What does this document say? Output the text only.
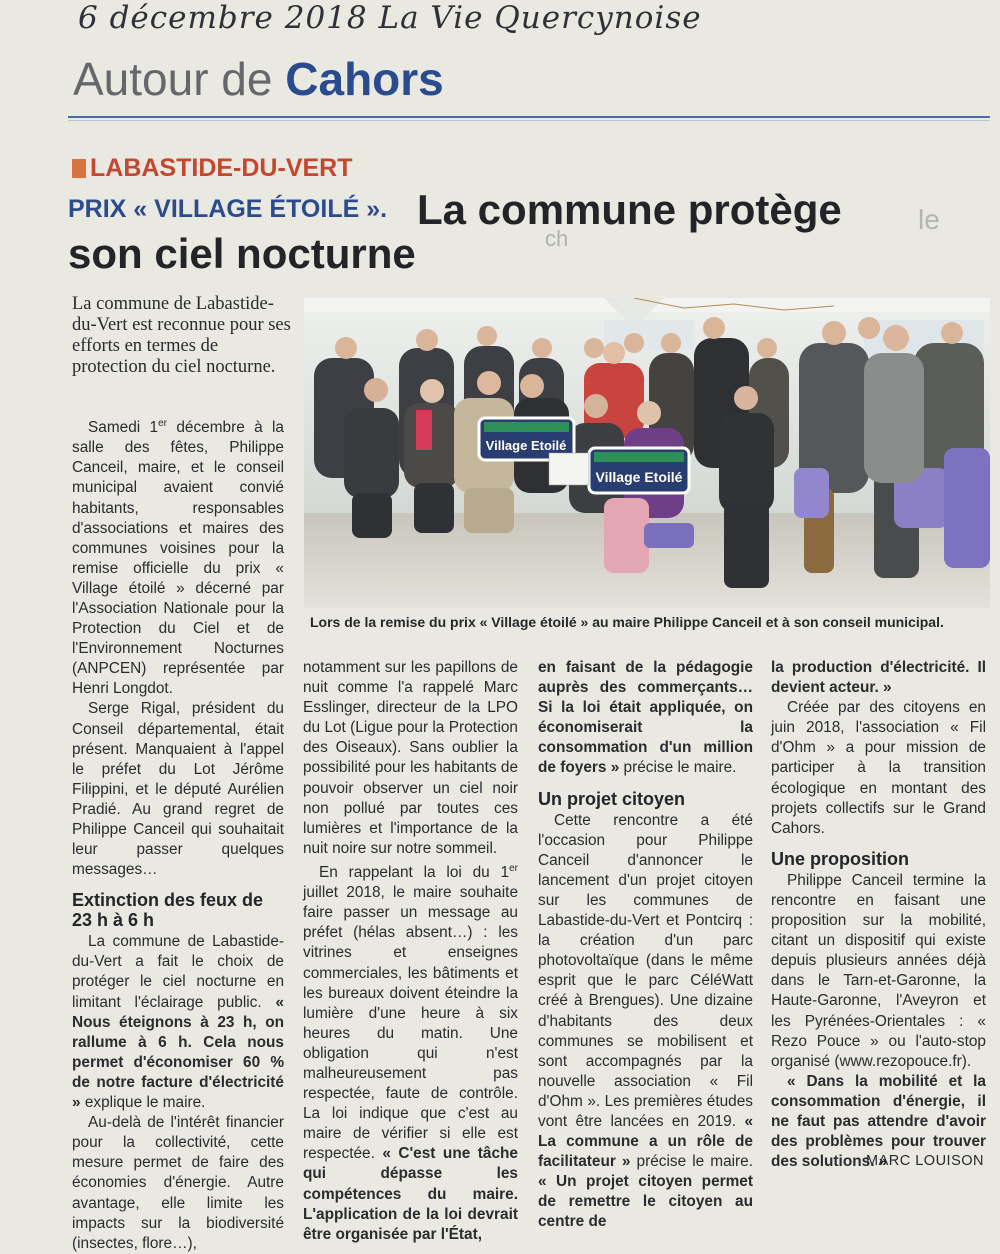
6 décembre 2018 La Vie Quercynoise
ch
le
Autour de Cahors
LABASTIDE-DU-VERT
PRIX « VILLAGE ÉTOILÉ ». La commune protège
son ciel nocturne
La commune de Labastide-du-Vert est reconnue pour ses efforts en termes de protection du ciel nocturne.
Village Etoilé
Village Etoilé
Lors de la remise du prix « Village étoilé » au maire Philippe Canceil et à son conseil municipal.

Samedi 1er décembre à la salle des fêtes, Philippe Canceil, maire, et le conseil municipal avaient convié habitants, responsables d'associations et maires des communes voisines pour la remise officielle du prix « Village étoilé » décerné par l'Association Nationale pour la Protection du Ciel et de l'Environnement Nocturnes (ANPCEN) représentée par Henri Longdot.

Serge Rigal, président du Conseil départemental, était présent. Manquaient à l'appel le préfet du Lot Jérôme Filippini, et le député Aurélien Pradié. Au grand regret de Philippe Canceil qui souhaitait leur passer quelques messages…

Extinction des feux de 23 h à 6 h

La commune de Labastide-du-Vert a fait le choix de protéger le ciel nocturne en limitant l'éclairage public. « Nous éteignons à 23 h, on rallume à 6 h. Cela nous permet d'économiser 60 % de notre facture d'électricité » explique le maire.

Au-delà de l'intérêt financier pour la collectivité, cette mesure permet de faire des économies d'énergie. Autre avantage, elle limite les impacts sur la biodiversité (insectes, flore…),

notamment sur les papillons de nuit comme l'a rappelé Marc Esslinger, directeur de la LPO du Lot (Ligue pour la Protection des Oiseaux). Sans oublier la possibilité pour les habitants de pouvoir observer un ciel noir non pollué par toutes ces lumières et l'importance de la nuit noire sur notre sommeil.

En rappelant la loi du 1er juillet 2018, le maire souhaite faire passer un message au préfet (hélas absent…) : les vitrines et enseignes commerciales, les bâtiments et les bureaux doivent éteindre la lumière d'une heure à six heures du matin. Une obligation qui n'est malheureusement pas respectée, faute de contrôle. La loi indique que c'est au maire de vérifier si elle est respectée. « C'est une tâche qui dépasse les compétences du maire. L'application de la loi devrait être organisée par l'État,

en faisant de la pédagogie auprès des commerçants… Si la loi était appliquée, on économiserait la consommation d'un million de foyers » précise le maire.

Un projet citoyen

Cette rencontre a été l'occasion pour Philippe Canceil d'annoncer le lancement d'un projet citoyen sur les communes de Labastide-du-Vert et Pontcirq : la création d'un parc photovoltaïque (dans le même esprit que le parc CéléWatt créé à Brengues). Une dizaine d'habitants des deux communes se mobilisent et sont accompagnés par la nouvelle association « Fil d'Ohm ». Les premières études vont être lancées en 2019. « La commune a un rôle de facilitateur » précise le maire. « Un projet citoyen permet de remettre le citoyen au centre de

la production d'électricité. Il devient acteur. »

Créée par des citoyens en juin 2018, l'association « Fil d'Ohm » a pour mission de participer à la transition écologique en montant des projets collectifs sur le Grand Cahors.

Une proposition

Philippe Canceil termine la rencontre en faisant une proposition sur la mobilité, citant un dispositif qui existe depuis plusieurs années déjà dans le Tarn-et-Garonne, la Haute-Garonne, l'Aveyron et les Pyrénées-Orientales : « Rezo Pouce » ou l'auto-stop organisé (www.rezopouce.fr).

« Dans la mobilité et la consommation d'énergie, il ne faut pas attendre d'avoir des problèmes pour trouver des solutions. »

MARC LOUISON
